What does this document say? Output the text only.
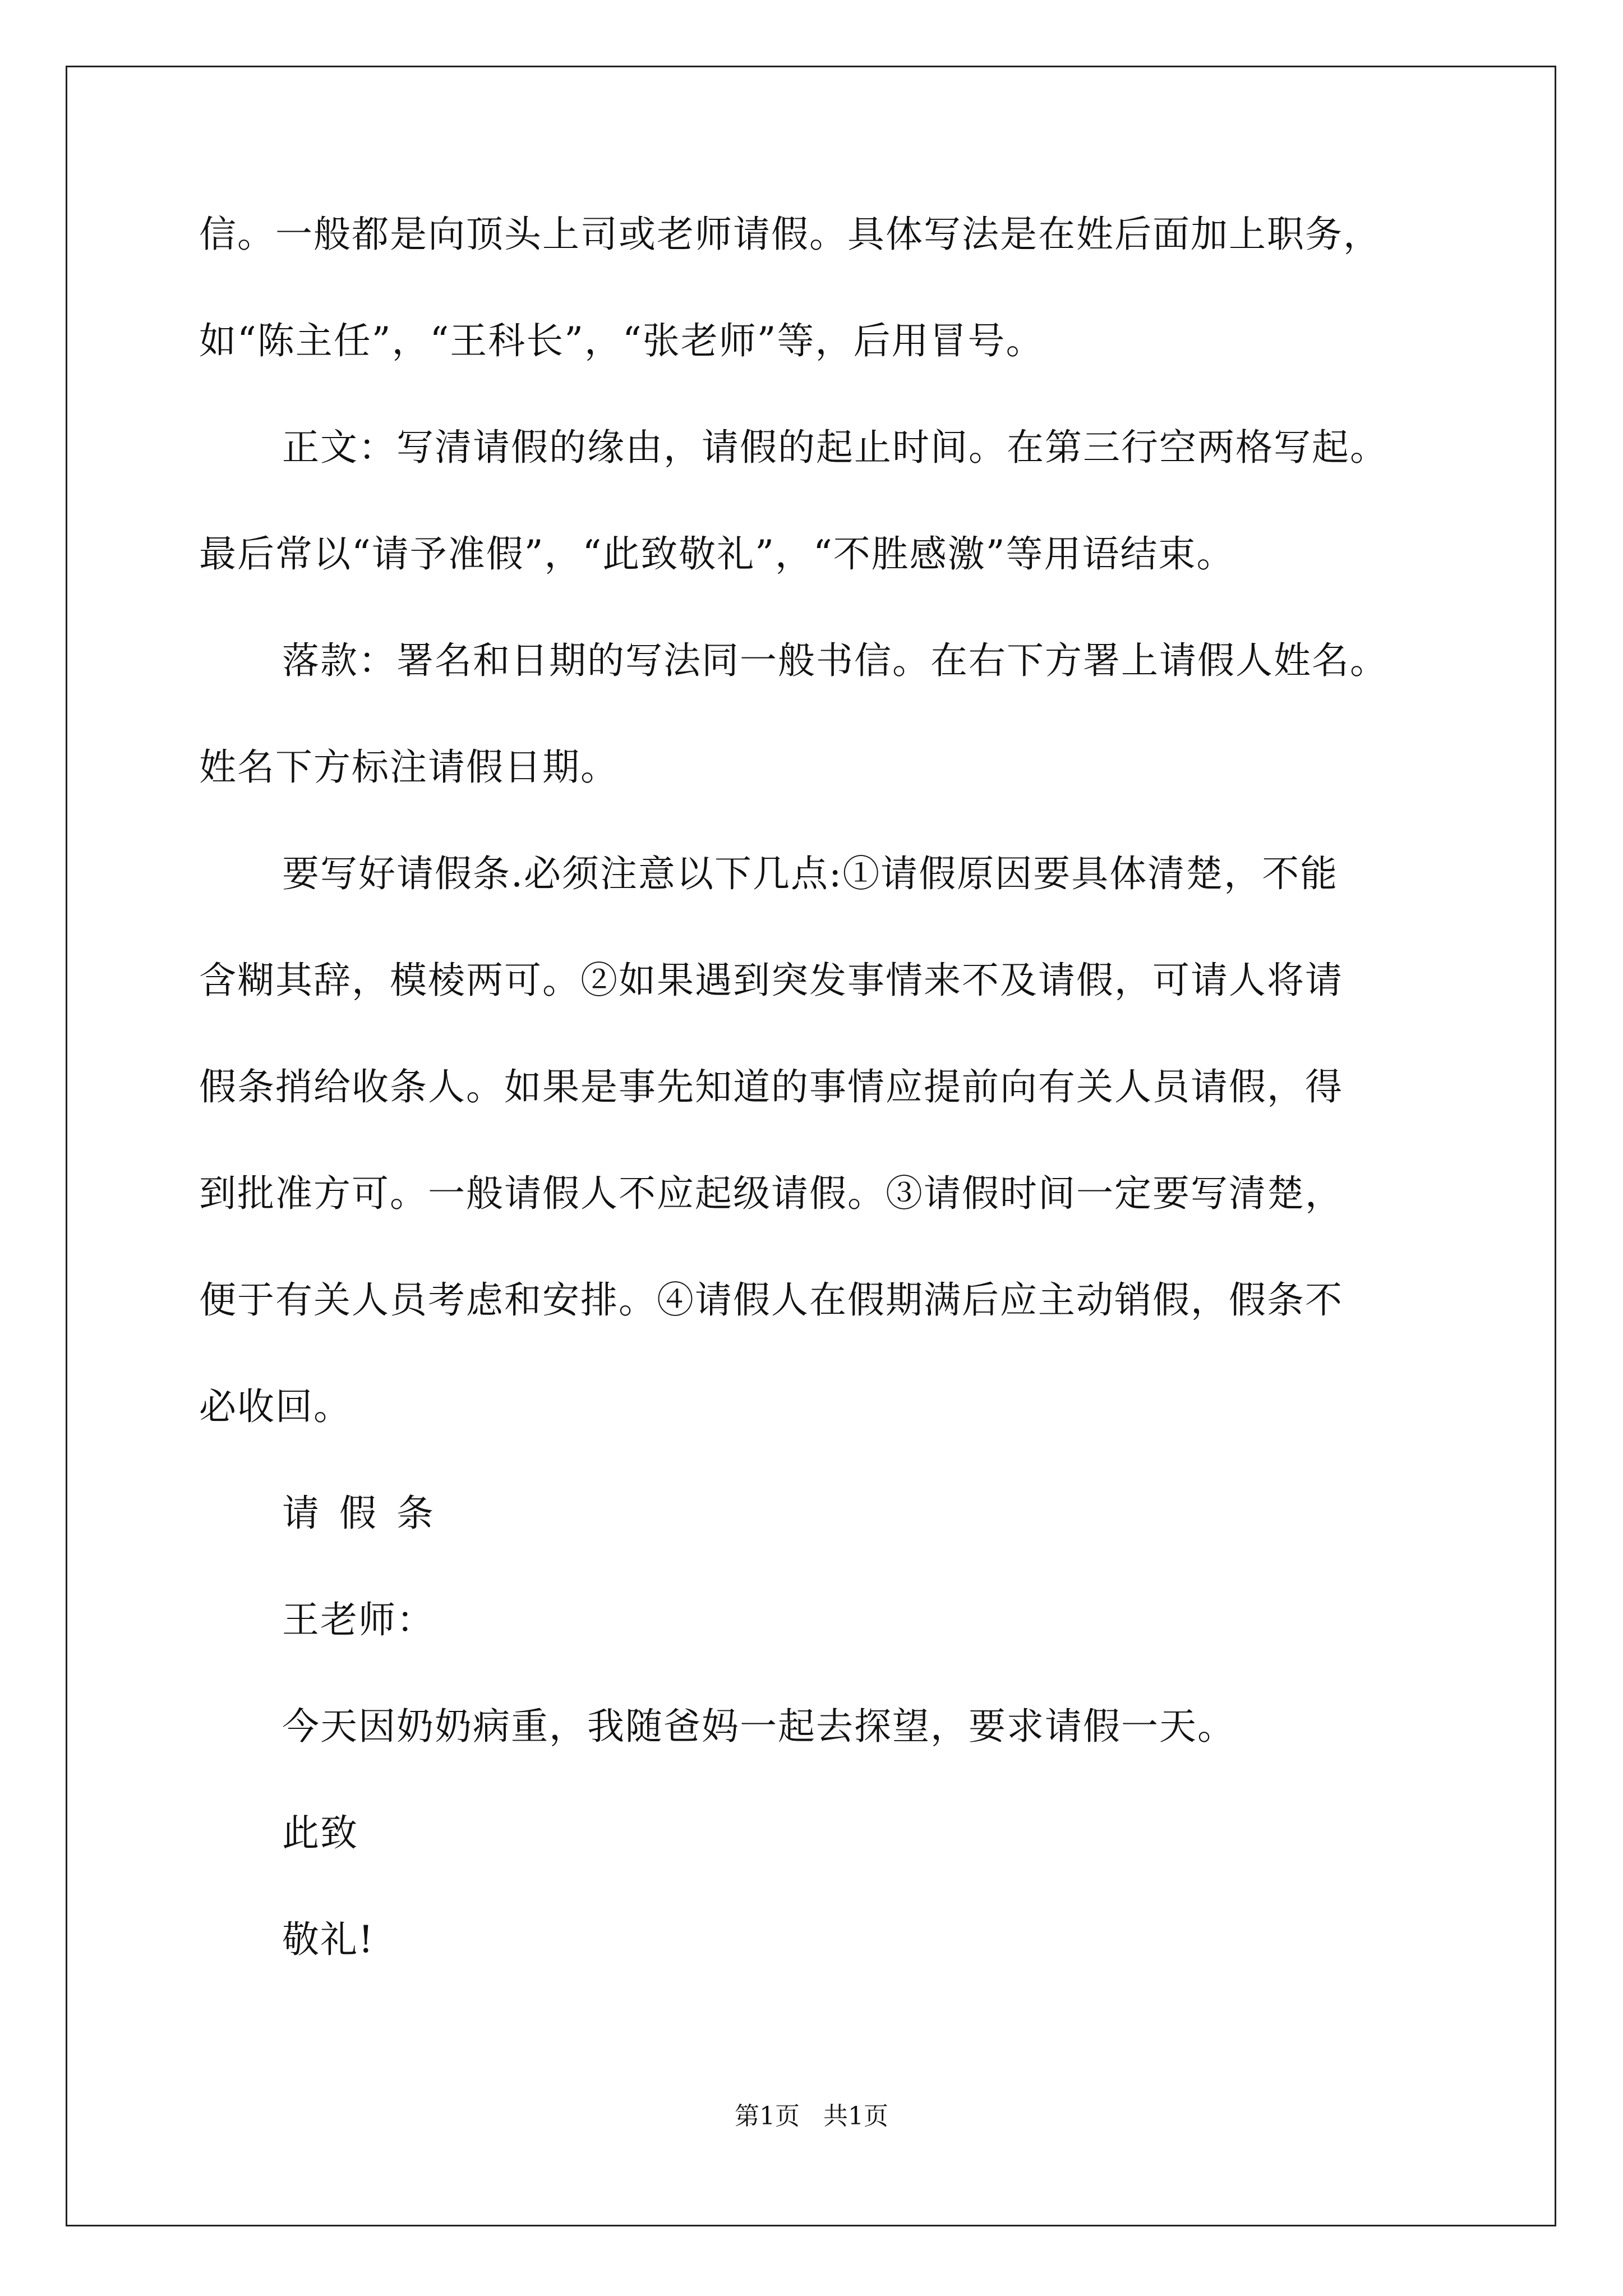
信。一般都是向顶头上司或老师请假。具体写法是在姓后面加上职务，
如“陈主任”，“王科长”，“张老师”等，后用冒号。
正文：写清请假的缘由，请假的起止时间。在第三行空两格写起。
最后常以“请予准假”，“此致敬礼”，“不胜感激”等用语结束。
落款：署名和日期的写法同一般书信。在右下方署上请假人姓名。
姓名下方标注请假日期。
要写好请假条.必须注意以下几点:①请假原因要具体清楚，不能
含糊其辞，模棱两可。②如果遇到突发事情来不及请假，可请人将请
假条捎给收条人。如果是事先知道的事情应提前向有关人员请假，得
到批准方可。一般请假人不应起级请假。③请假时间一定要写清楚，
便于有关人员考虑和安排。④请假人在假期满后应主动销假，假条不
必收回。
请假条
王老师：
今天因奶奶病重，我随爸妈一起去探望，要求请假一天。
此致
敬礼!
第1页   共1页
